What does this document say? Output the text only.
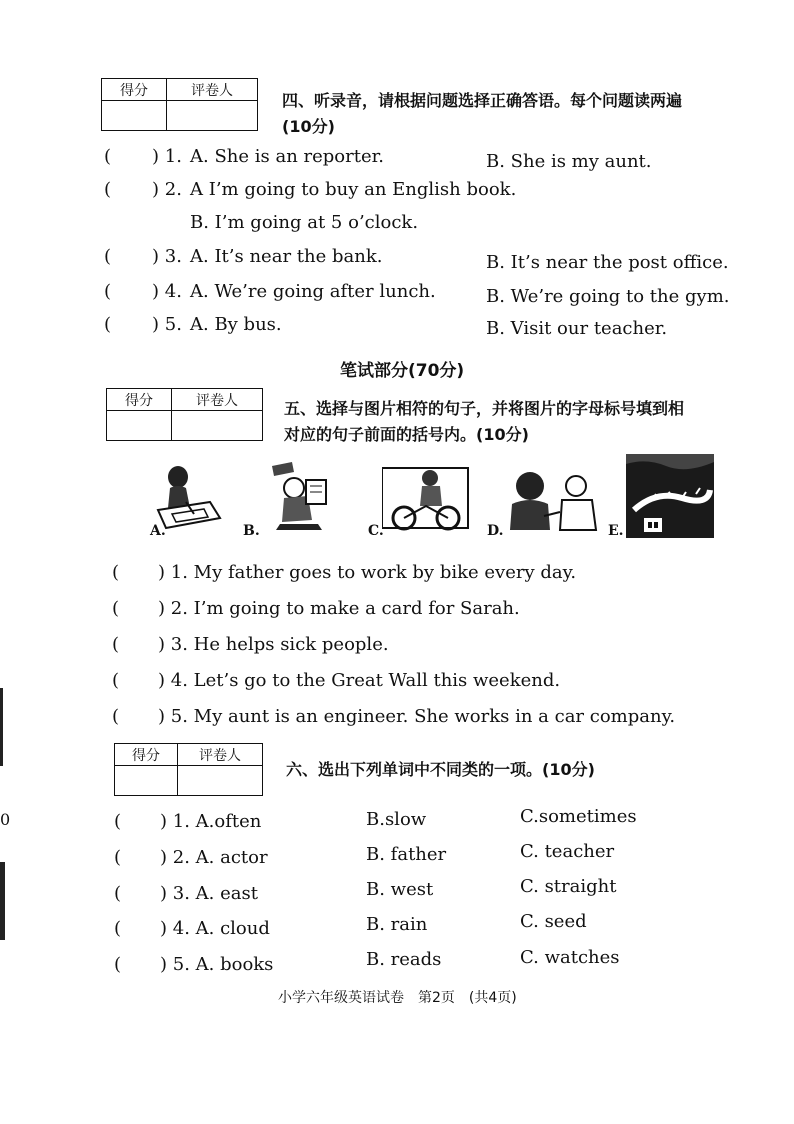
得分	评卷人

四、听录音，请根据问题选择正确答语。每个问题读两遍
(10分)
( ) 1. A. She is an reporter.	B. She is my aunt.
( ) 2. A I’m going to buy an English book.
B. I’m going at 5 o’clock.
( ) 3. A. It’s near the bank.	B. It’s near the post office.
( ) 4. A. We’re going after lunch.	B. We’re going to the gym.
( ) 5. A. By bus.	B. Visit our teacher.
笔试部分(70分)
得分	评卷人
		五、选择与图片相符的句子，并将图片的字母标号填到相
对应的句子前面的括号内。(10分)
A.	B.	C.	D.	E.
( ) 1. My father goes to work by bike every day.
( ) 2. I’m going to make a card for Sarah.
( ) 3. He helps sick people.
( ) 4. Let’s go to the Great Wall this weekend.
( ) 5. My aunt is an engineer. She works in a car company.
得分	评卷人

六、选出下列单词中不同类的一项。(10分)
( ) 1. A.often	B.slow	C.sometimes
( ) 2. A. actor	B. father	C. teacher
( ) 3. A. east	B. west	C. straight
( ) 4. A. cloud	B. rain	C. seed
( ) 5. A. books	B. reads	C. watches
小学六年级英语试卷　第2页　(共4页)
0
